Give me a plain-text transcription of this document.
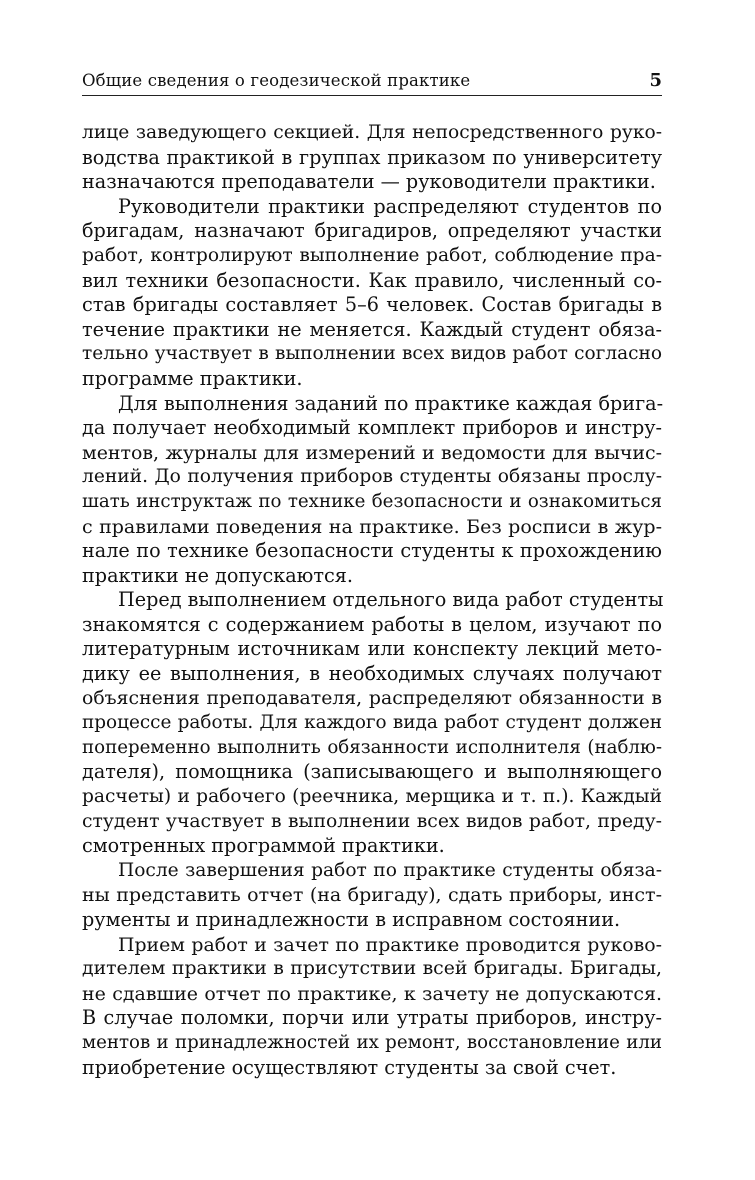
Общие сведения о геодезической практике	5

лице заведующего секцией. Для непосредственного руко-
водства практикой в группах приказом по университету
назначаются преподаватели — руководители практики.

Руководители практики распределяют студентов по
бригадам, назначают бригадиров, определяют участки
работ, контролируют выполнение работ, соблюдение пра-
вил техники безопасности. Как правило, численный со-
став бригады составляет 5–6 человек. Состав бригады в
течение практики не меняется. Каждый студент обяза-
тельно участвует в выполнении всех видов работ согласно
программе практики.

Для выполнения заданий по практике каждая брига-
да получает необходимый комплект приборов и инстру-
ментов, журналы для измерений и ведомости для вычис-
лений. До получения приборов студенты обязаны прослу-
шать инструктаж по технике безопасности и ознакомиться
с правилами поведения на практике. Без росписи в жур-
нале по технике безопасности студенты к прохождению
практики не допускаются.

Перед выполнением отдельного вида работ студенты
знакомятся с содержанием работы в целом, изучают по
литературным источникам или конспекту лекций мето-
дику ее выполнения, в необходимых случаях получают
объяснения преподавателя, распределяют обязанности в
процессе работы. Для каждого вида работ студент должен
попеременно выполнить обязанности исполнителя (наблю-
дателя), помощника (записывающего и выполняющего
расчеты) и рабочего (реечника, мерщика и т. п.). Каждый
студент участвует в выполнении всех видов работ, преду-
смотренных программой практики.

После завершения работ по практике студенты обяза-
ны представить отчет (на бригаду), сдать приборы, инст-
рументы и принадлежности в исправном состоянии.

Прием работ и зачет по практике проводится руково-
дителем практики в присутствии всей бригады. Бригады,
не сдавшие отчет по практике, к зачету не допускаются.
В случае поломки, порчи или утраты приборов, инстру-
ментов и принадлежностей их ремонт, восстановление или
приобретение осуществляют студенты за свой счет.
